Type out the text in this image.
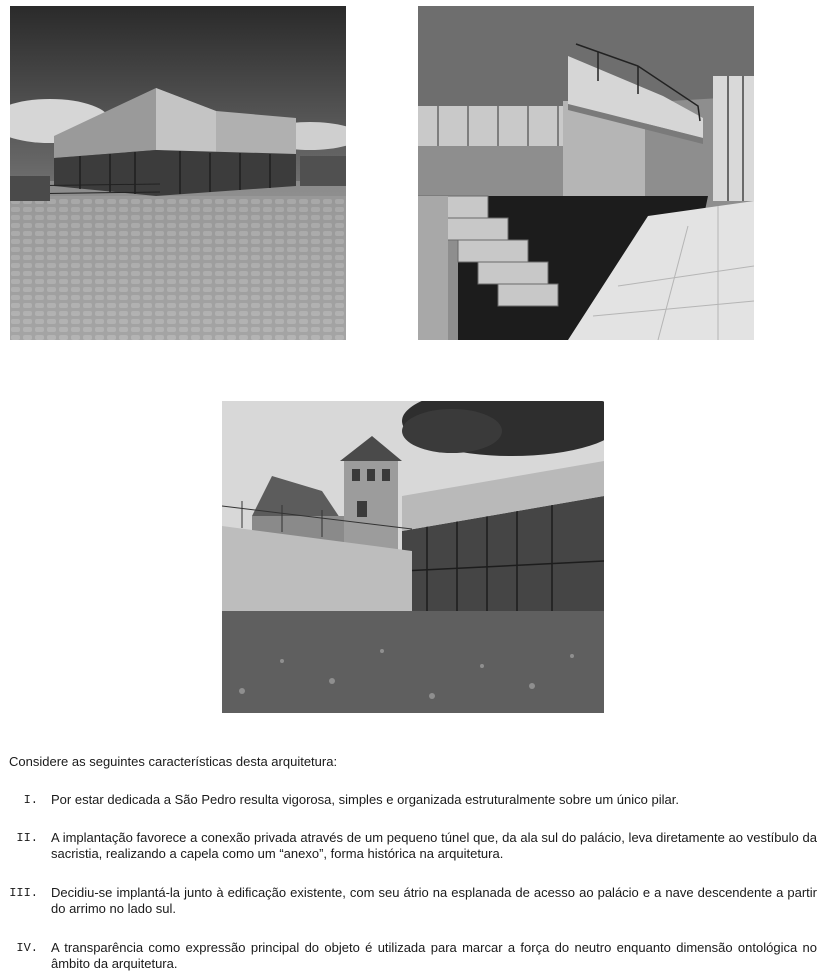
Considere as seguintes características desta arquitetura:
I. Por estar dedicada a São Pedro resulta vigorosa, simples e organizada estruturalmente sobre um único pilar.
II. A implantação favorece a conexão privada através de um pequeno túnel que, da ala sul do palácio, leva diretamente ao vestíbulo da sacristia, realizando a capela como um “anexo”, forma histórica na arquitetura.
III. Decidiu-se implantá-la junto à edificação existente, com seu átrio na esplanada de acesso ao palácio e a nave descendente a partir do arrimo no lado sul.
IV. A transparência como expressão principal do objeto é utilizada para marcar a força do neutro enquanto dimensão ontológica no âmbito da arquitetura.
